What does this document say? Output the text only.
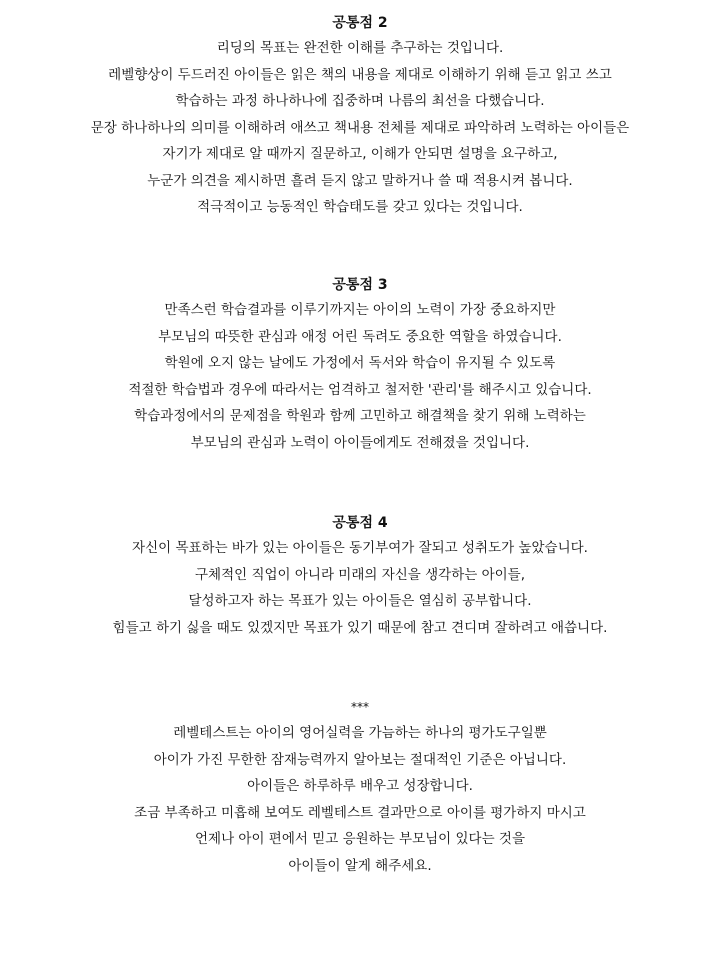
공통점 2
리딩의 목표는 완전한 이해를 추구하는 것입니다.
레벨향상이 두드러진 아이들은 읽은 책의 내용을 제대로 이해하기 위해 듣고 읽고 쓰고
학습하는 과정 하나하나에 집중하며 나름의 최선을 다했습니다.
문장 하나하나의 의미를 이해하려 애쓰고 책내용 전체를 제대로 파악하려 노력하는 아이들은
자기가 제대로 알 때까지 질문하고, 이해가 안되면 설명을 요구하고,
누군가 의견을 제시하면 흘려 듣지 않고 말하거나 쓸 때 적용시켜 봅니다.
적극적이고 능동적인 학습태도를 갖고 있다는 것입니다.
공통점 3
만족스런 학습결과를 이루기까지는 아이의 노력이 가장 중요하지만
부모님의 따뜻한 관심과 애정 어린 독려도 중요한 역할을 하였습니다.
학원에 오지 않는 날에도 가정에서 독서와 학습이 유지될 수 있도록
적절한 학습법과 경우에 따라서는 엄격하고 철저한 '관리'를 해주시고 있습니다.
학습과정에서의 문제점을 학원과 함께 고민하고 해결책을 찾기 위해 노력하는
부모님의 관심과 노력이 아이들에게도 전해졌을 것입니다.
공통점 4
자신이 목표하는 바가 있는 아이들은 동기부여가 잘되고 성취도가 높았습니다.
구체적인 직업이 아니라 미래의 자신을 생각하는 아이들,
달성하고자 하는 목표가 있는 아이들은 열심히 공부합니다.
힘들고 하기 싫을 때도 있겠지만 목표가 있기 때문에 참고 견디며 잘하려고 애씁니다.
***
레벨테스트는 아이의 영어실력을 가늠하는 하나의 평가도구일뿐
아이가 가진 무한한 잠재능력까지 알아보는 절대적인 기준은 아닙니다.
아이들은 하루하루 배우고 성장합니다.
조금 부족하고 미흡해 보여도 레벨테스트 결과만으로 아이를 평가하지 마시고
언제나 아이 편에서 믿고 응원하는 부모님이 있다는 것을
아이들이 알게 해주세요.
